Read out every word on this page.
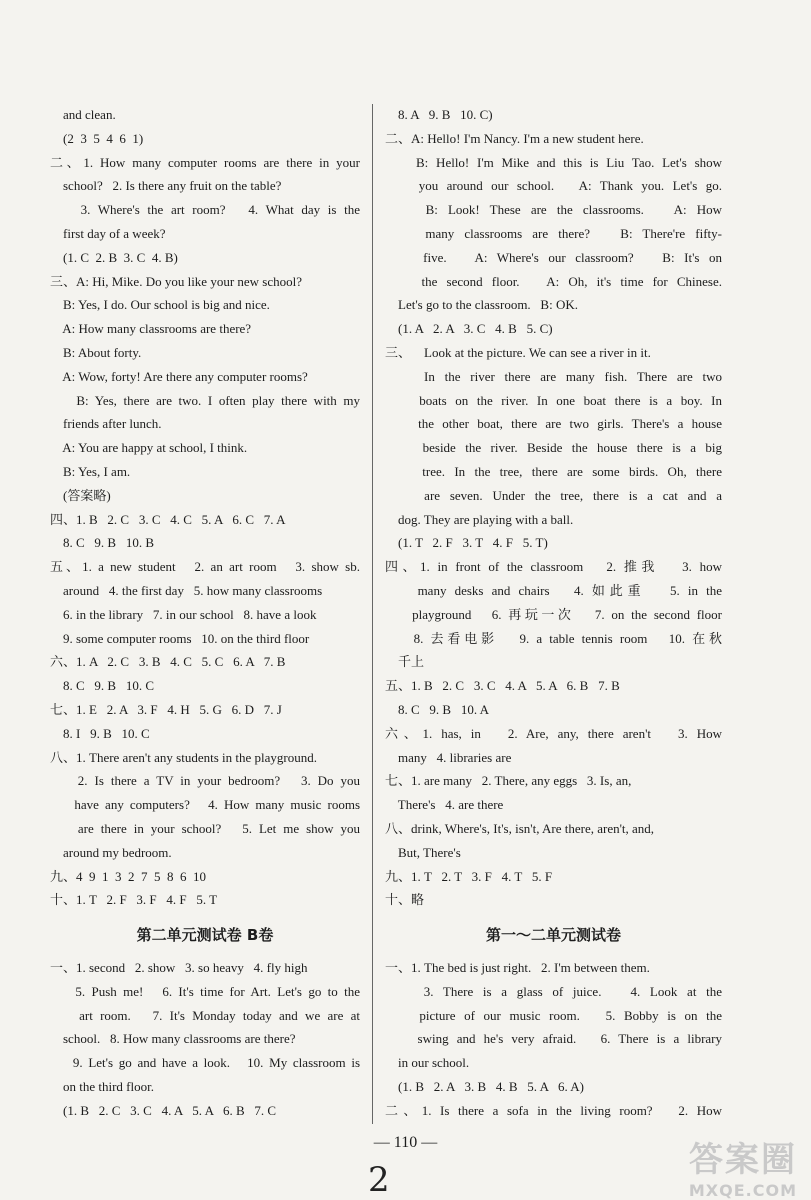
and clean.
(2  3  5  4  6  1)
二、1. How many computer rooms are there in your
school?   2. Is there any fruit on the table?
3. Where's the art room?   4. What day is the
first day of a week?
(1. C  2. B  3. C  4. B)
三、A: Hi, Mike. Do you like your new school?
B: Yes, I do. Our school is big and nice.
A: How many classrooms are there?
B: About forty.
A: Wow, forty! Are there any computer rooms?
B: Yes, there are two. I often play there with my
friends after lunch.
A: You are happy at school, I think.
B: Yes, I am.
(答案略)
四、1. B   2. C   3. C   4. C   5. A   6. C   7. A
8. C   9. B   10. B
五、1. a new student   2. an art room   3. show sb.
around   4. the first day   5. how many classrooms
6. in the library   7. in our school   8. have a look
9. some computer rooms   10. on the third floor
六、1. A   2. C   3. B   4. C   5. C   6. A   7. B
8. C   9. B   10. C
七、1. E   2. A   3. F   4. H   5. G   6. D   7. J
8. I   9. B   10. C
八、1. There aren't any students in the playground.
2. Is there a TV in your bedroom?   3. Do you
have any computers?   4. How many music rooms
are there in your school?   5. Let me show you
around my bedroom.
九、4  9  1  3  2  7  5  8  6  10
十、1. T   2. F   3. F   4. F   5. T
第二单元测试卷 B卷
一、1. second   2. show   3. so heavy   4. fly high
5. Push me!   6. It's time for Art. Let's go to the
art room.   7. It's Monday today and we are at
school.   8. How many classrooms are there?
9. Let's go and have a look.   10. My classroom is
on the third floor.
(1. B   2. C   3. C   4. A   5. A   6. B   7. C
8. A   9. B   10. C)
二、A: Hello! I'm Nancy. I'm a new student here.
B: Hello! I'm Mike and this is Liu Tao. Let's show
you around our school.   A: Thank you. Let's go.
B: Look! These are the classrooms.   A: How
many classrooms are there?   B: There're fifty-
five.   A: Where's our classroom?   B: It's on
the second floor.   A: Oh, it's time for Chinese.
Let's go to the classroom.   B: OK.
(1. A   2. A   3. C   4. B   5. C)
三、    Look at the picture. We can see a river in it.
In the river there are many fish. There are two
boats on the river. In one boat there is a boy. In
the other boat, there are two girls. There's a house
beside the river. Beside the house there is a big
tree. In the tree, there are some birds. Oh, there
are seven. Under the tree, there is a cat and a
dog. They are playing with a ball.
(1. T   2. F   3. T   4. F   5. T)
四、1. in front of the classroom   2. 推我   3. how
many desks and chairs   4. 如此重   5. in the
playground   6. 再玩一次   7. on the second floor
8. 去看电影   9. a table tennis room   10. 在秋
千上
五、1. B   2. C   3. C   4. A   5. A   6. B   7. B
8. C   9. B   10. A
六、1. has, in   2. Are, any, there aren't   3. How
many   4. libraries are
七、1. are many   2. There, any eggs   3. Is, an,
There's   4. are there
八、drink, Where's, It's, isn't, Are there, aren't, and,
But, There's
九、1. T   2. T   3. F   4. T   5. F
十、略
第一～二单元测试卷
一、1. The bed is just right.   2. I'm between them.
3. There is a glass of juice.   4. Look at the
picture of our music room.   5. Bobby is on the
swing and he's very afraid.   6. There is a library
in our school.
(1. B   2. A   3. B   4. B   5. A   6. A)
二、1. Is there a sofa in the living room?   2. How
— 110 —
2	答案圈
MXQE.COM
